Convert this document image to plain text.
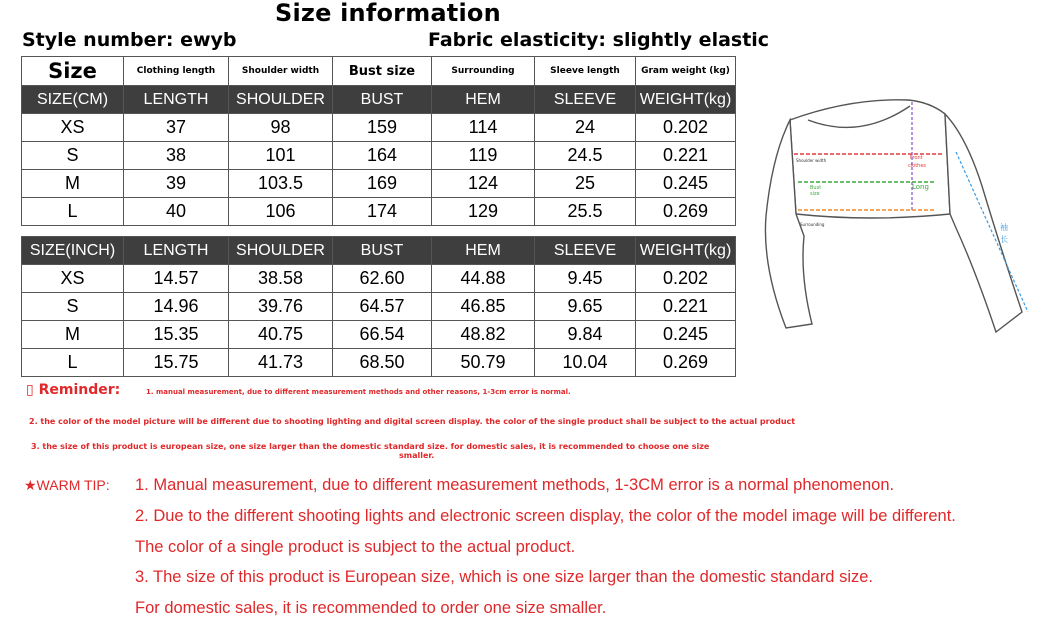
Size information
Style number: ewyb	Fabric elasticity: slightly elastic
Size	Clothing length	Shoulder width	Bust size	Surrounding	Sleeve length	Gram weight (kg)
SIZE(CM)	LENGTH	SHOULDER	BUST	HEM	SLEEVE	WEIGHT(kg)
XS	37	98	159	114	24	0.202
S	38	101	164	119	24.5	0.221
M	39	103.5	169	124	25	0.245
L	40	106	174	129	25.5	0.269
SIZE(INCH)	LENGTH	SHOULDER	BUST	HEM	SLEEVE	WEIGHT(kg)
XS	14.57	38.58	62.60	44.88	9.45	0.202
S	14.96	39.76	64.57	46.85	9.65	0.221
M	15.35	40.75	66.54	48.82	9.84	0.245
L	15.75	41.73	68.50	50.79	10.04	0.269
Shoulder width	Front
clothes
Bust
size
Long
Surrounding	袖
长
▯ Reminder:	1. manual measurement, due to different measurement methods and other reasons, 1-3cm error is normal.
2. the color of the model picture will be different due to shooting lighting and digital screen display. the color of the single product shall be subject to the actual product
3. the size of this product is european size, one size larger than the domestic standard size. for domestic sales, it is recommended to choose one size
smaller.
★WARM TIP: 1. Manual measurement, due to different measurement methods, 1-3CM error is a normal phenomenon.
2. Due to the different shooting lights and electronic screen display, the color of the model image will be different.
The color of a single product is subject to the actual product.
3. The size of this product is European size, which is one size larger than the domestic standard size.
For domestic sales, it is recommended to order one size smaller.
